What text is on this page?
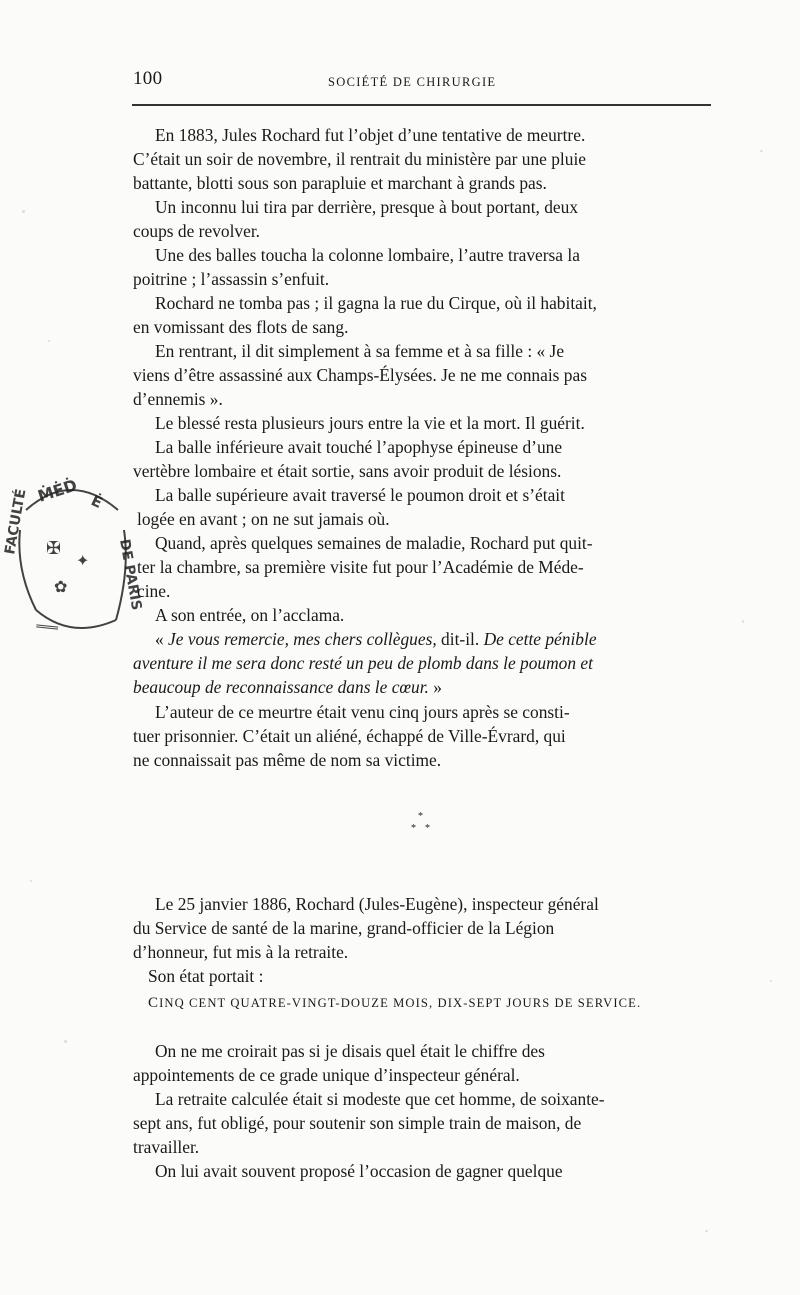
100	SOCIÉTÉ DE CHIRURGIE
En 1883, Jules Rochard fut l’objet d’une tentative de meurtre.
C’était un soir de novembre, il rentrait du ministère par une pluie
battante, blotti sous son parapluie et marchant à grands pas.
Un inconnu lui tira par derrière, presque à bout portant, deux
coups de revolver.
Une des balles toucha la colonne lombaire, l’autre traversa la
poitrine ; l’assassin s’enfuit.
Rochard ne tomba pas ; il gagna la rue du Cirque, où il habitait,
en vomissant des flots de sang.
En rentrant, il dit simplement à sa femme et à sa fille : « Je
viens d’être assassiné aux Champs-Élysées. Je ne me connais pas
d’ennemis ».
Le blessé resta plusieurs jours entre la vie et la mort. Il guérit.
La balle inférieure avait touché l’apophyse épineuse d’une
vertèbre lombaire et était sortie, sans avoir produit de lésions.
La balle supérieure avait traversé le poumon droit et s’était
logée en avant ; on ne sut jamais où.
Quand, après quelques semaines de maladie, Rochard put quit-
ter la chambre, sa première visite fut pour l’Académie de Méde-
cine.
A son entrée, on l’acclama.
« Je vous remercie, mes chers collègues, dit-il. De cette pénible
aventure il me sera donc resté un peu de plomb dans le poumon et
beaucoup de reconnaissance dans le cœur. »
L’auteur de ce meurtre était venu cinq jours après se consti-
tuer prisonnier. C’était un aliéné, échappé de Ville-Évrard, qui
ne connaissait pas même de nom sa victime.
*
* *
Le 25 janvier 1886, Rochard (Jules-Eugène), inspecteur général
du Service de santé de la marine, grand-officier de la Légion
d’honneur, fut mis à la retraite.
Son état portait :
CINQ CENT QUATRE-VINGT-DOUZE MOIS, DIX-SEPT JOURS DE SERVICE.
On ne me croirait pas si je disais quel était le chiffre des
appointements de ce grade unique d’inspecteur général.
La retraite calculée était si modeste que cet homme, de soixante-
sept ans, fut obligé, pour soutenir son simple train de maison, de
travailler.
On lui avait souvent proposé l’occasion de gagner quelque
ṀĖḊ Ė
FACULTÉ
DE PARIS
✠
✦
✿
═══
FACULTÉ DE MÉDECINE DE PARIS
